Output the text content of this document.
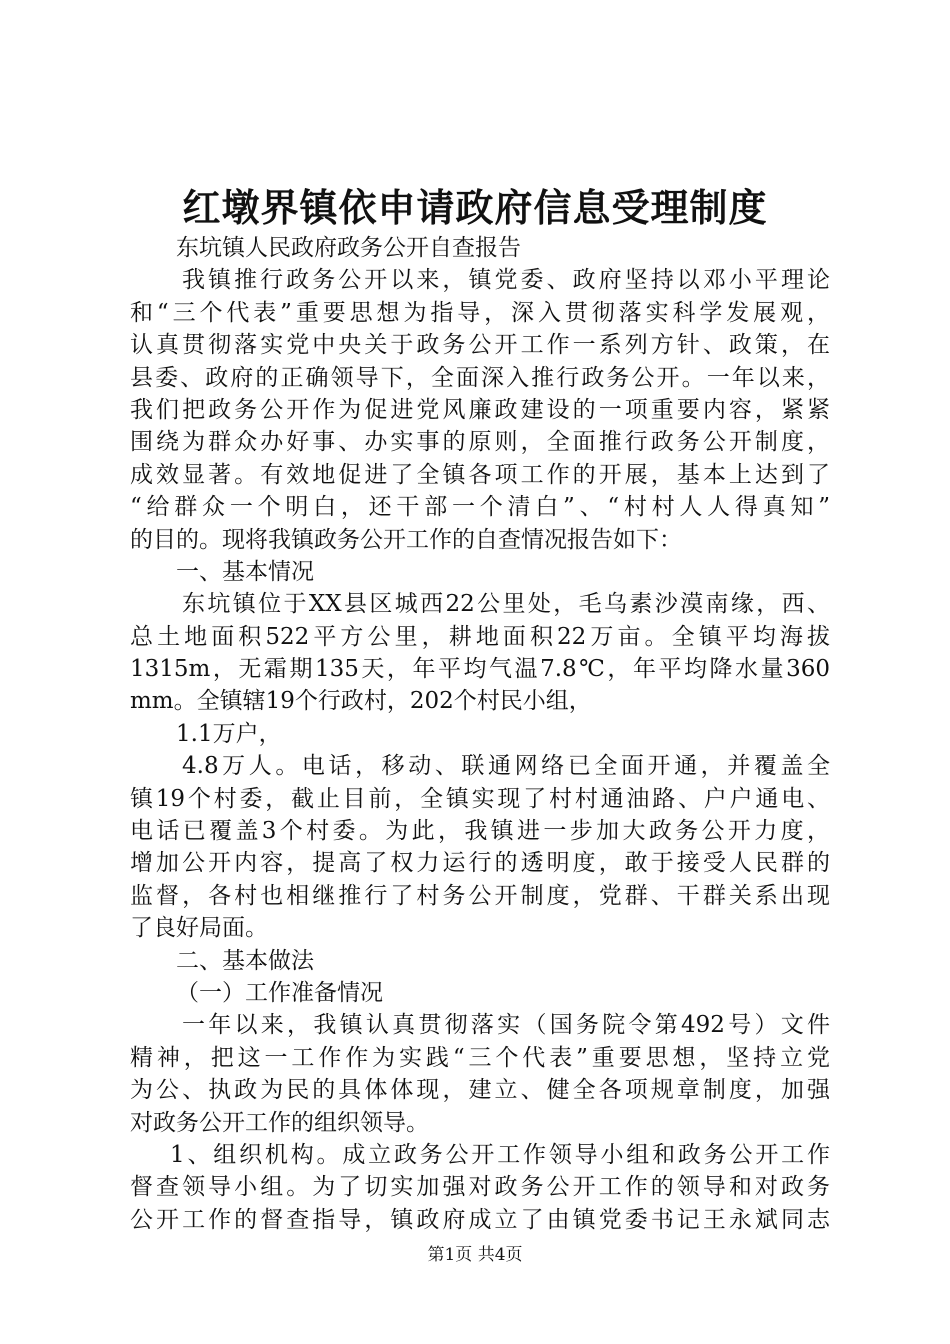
红墩界镇依申请政府信息受理制度
东坑镇人民政府政务公开自查报告
我镇推行政务公开以来，镇党委、政府坚持以邓小平理论
和“三个代表”重要思想为指导，深入贯彻落实科学发展观，
认真贯彻落实党中央关于政务公开工作一系列方针、政策，在
县委、政府的正确领导下，全面深入推行政务公开。一年以来，
我们把政务公开作为促进党风廉政建设的一项重要内容，紧紧
围绕为群众办好事、办实事的原则，全面推行政务公开制度，
成效显著。有效地促进了全镇各项工作的开展，基本上达到了
“给群众一个明白，还干部一个清白”、“村村人人得真知”
的目的。现将我镇政务公开工作的自查情况报告如下：
一、基本情况
东坑镇位于XX县区城西22公里处，毛乌素沙漠南缘，西、
总土地面积522平方公里，耕地面积22万亩。全镇平均海拔
1315m，无霜期135天，年平均气温7.8℃，年平均降水量360
mm。全镇辖19个行政村，202个村民小组，
1.1万户，
4.8万人。电话，移动、联通网络已全面开通，并覆盖全
镇19个村委，截止目前，全镇实现了村村通油路、户户通电、
电话已覆盖3个村委。为此，我镇进一步加大政务公开力度，
增加公开内容，提高了权力运行的透明度，敢于接受人民群的
监督，各村也相继推行了村务公开制度，党群、干群关系出现
了良好局面。
二、基本做法
（一）工作准备情况
一年以来，我镇认真贯彻落实（国务院令第492号）文件
精神，把这一工作作为实践“三个代表”重要思想，坚持立党
为公、执政为民的具体体现，建立、健全各项规章制度，加强
对政务公开工作的组织领导。
1、组织机构。成立政务公开工作领导小组和政务公开工作
督查领导小组。为了切实加强对政务公开工作的领导和对政务
公开工作的督查指导，镇政府成立了由镇党委书记王永斌同志
第1页 共4页
